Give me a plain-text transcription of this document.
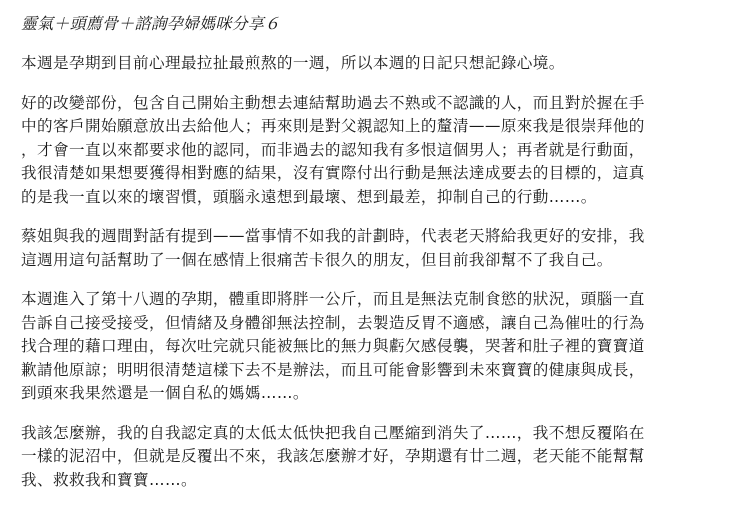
靈氣＋頭薦骨＋諮詢孕婦媽咪分享６
本週是孕期到目前心理最拉扯最煎熬的一週，所以本週的日記只想記錄心境。
好的改變部份，包含自己開始主動想去連結幫助過去不熟或不認識的人，而且對於握在手
中的客戶開始願意放出去給他人；再來則是對父親認知上的釐清——原來我是很崇拜他的
，才會一直以來都要求他的認同，而非過去的認知我有多恨這個男人；再者就是行動面，
我很清楚如果想要獲得相對應的結果，沒有實際付出行動是無法達成要去的目標的，這真
的是我一直以來的壞習慣，頭腦永遠想到最壞、想到最差，抑制自己的行動……。
蔡姐與我的週間對話有提到——當事情不如我的計劃時，代表老天將給我更好的安排，我
這週用這句話幫助了一個在感情上很痛苦卡很久的朋友，但目前我卻幫不了我自己。
本週進入了第十八週的孕期，體重即將胖一公斤，而且是無法克制食慾的狀況，頭腦一直
告訴自己接受接受，但情緒及身體卻無法控制，去製造反胃不適感，讓自己為催吐的行為
找合理的藉口理由，每次吐完就只能被無比的無力與虧欠感侵襲，哭著和肚子裡的寶寶道
歉請他原諒；明明很清楚這樣下去不是辦法，而且可能會影響到未來寶寶的健康與成長，
到頭來我果然還是一個自私的媽媽……。
我該怎麼辦，我的自我認定真的太低太低快把我自己壓縮到消失了……，我不想反覆陷在
一樣的泥沼中，但就是反覆出不來，我該怎麼辦才好，孕期還有廿二週，老天能不能幫幫
我、救救我和寶寶……。
